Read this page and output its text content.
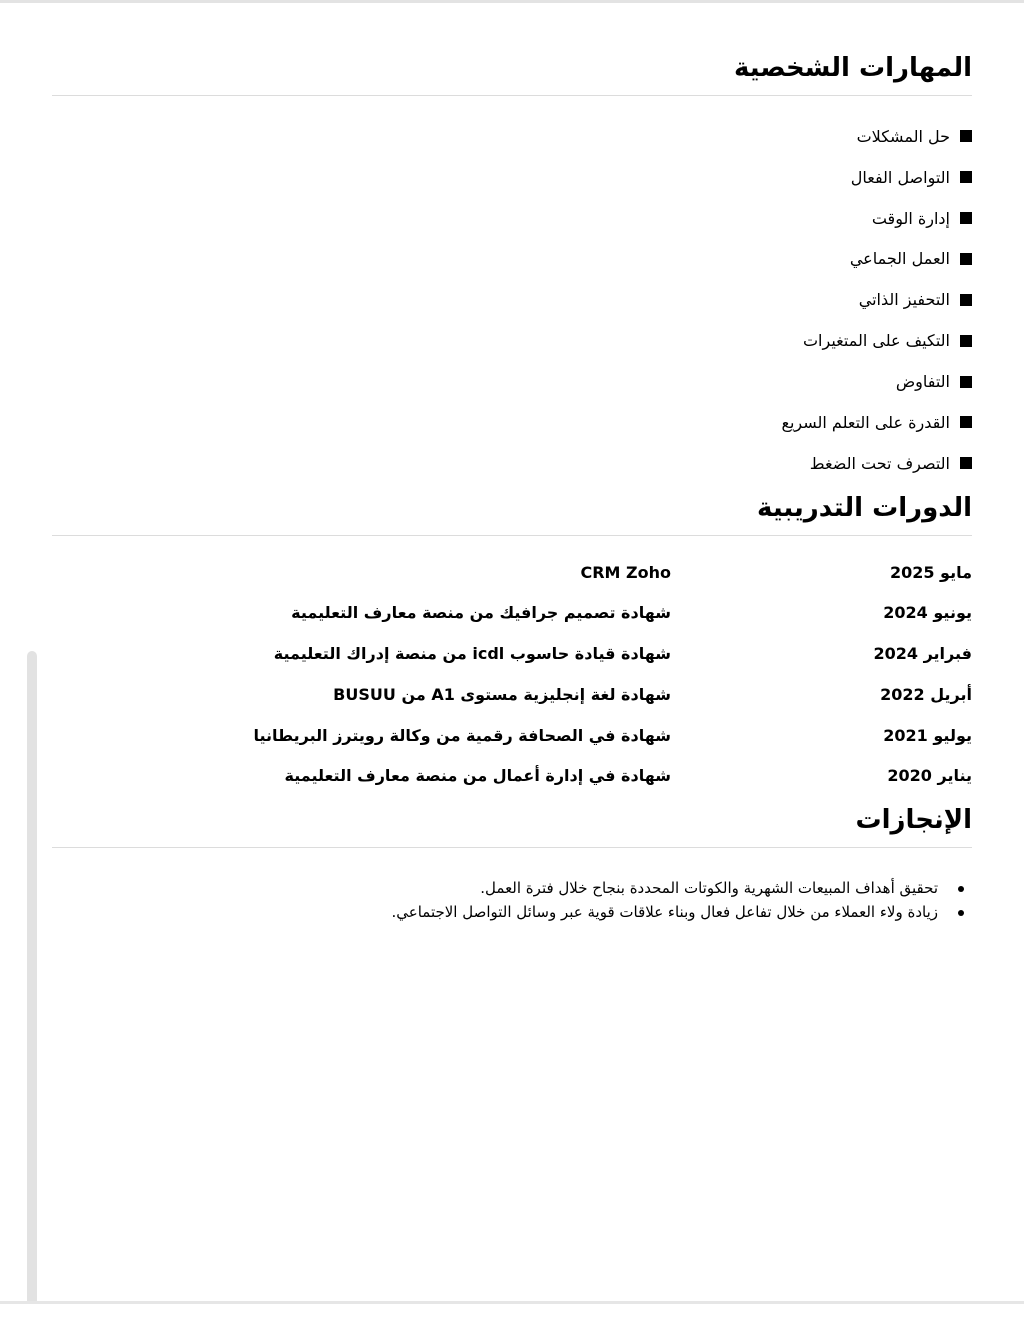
المهارات الشخصية
حل المشكلات
التواصل الفعال
إدارة الوقت
العمل الجماعي
التحفيز الذاتي
التكيف على المتغيرات
التفاوض
القدرة على التعلم السريع
التصرف تحت الضغط
الدورات التدريبية
مايو 2025
CRM Zoho
يونيو 2024
شهادة تصميم جرافيك من منصة معارف التعليمية
فبراير 2024
شهادة قيادة حاسوب icdl من منصة إدراك التعليمية
أبريل 2022
شهادة لغة إنجليزية مستوى A1 من BUSUU
يوليو 2021
شهادة في الصحافة رقمية من وكالة رويترز البريطانيا
يناير 2020
شهادة في إدارة أعمال من منصة معارف التعليمية
الإنجازات
تحقيق أهداف المبيعات الشهرية والكوتات المحددة بنجاح خلال فترة العمل.
زيادة ولاء العملاء من خلال تفاعل فعال وبناء علاقات قوية عبر وسائل التواصل الاجتماعي.
